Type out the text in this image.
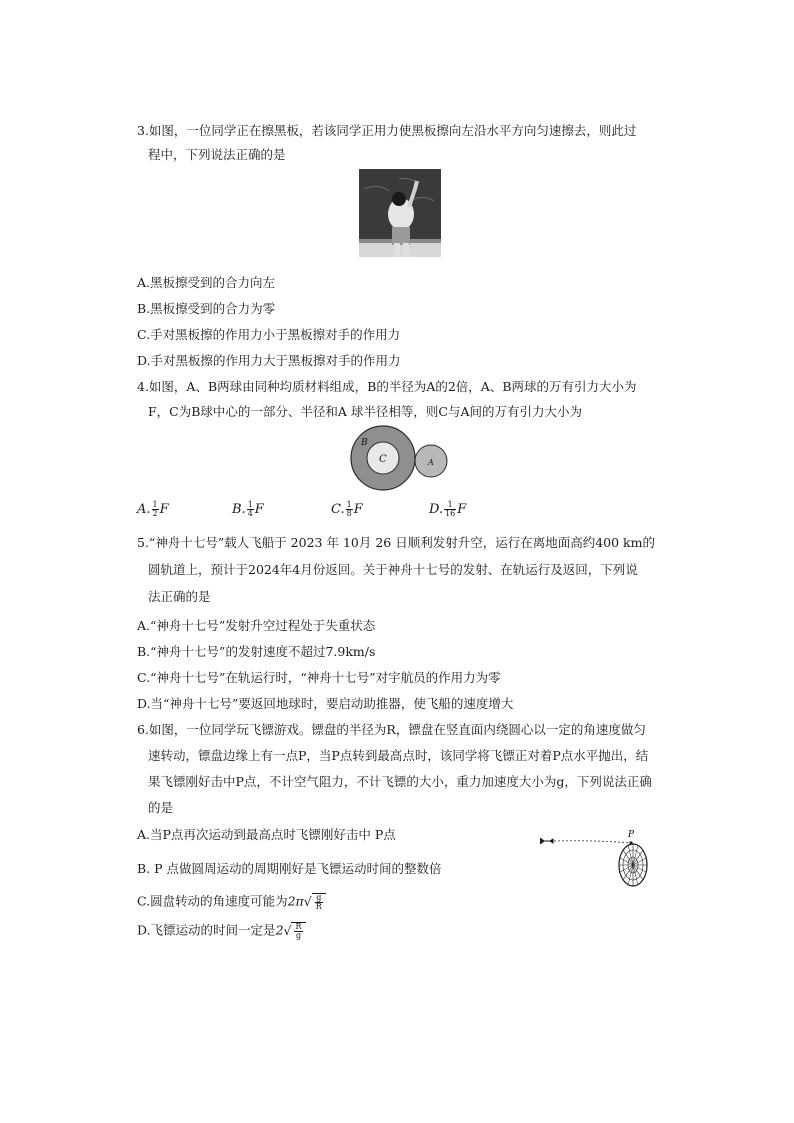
3.如图，一位同学正在擦黑板，若该同学正用力使黑板擦向左沿水平方向匀速擦去，则此过
程中，下列说法正确的是
A.黑板擦受到的合力向左
B.黑板擦受到的合力为零
C.手对黑板擦的作用力小于黑板擦对手的作用力
D.手对黑板擦的作用力大于黑板擦对手的作用力
4.如图，A、B两球由同种均质材料组成，B的半径为A的2倍，A、B两球的万有引力大小为
F，C为B球中心的一部分、半径和A 球半径相等，则C与A间的万有引力大小为
B
C	A
A. $\frac{1}{2}$ F	B. $\frac{1}{4}$ F	C. $\frac{1}{8}$ F	D. $\frac{1}{16}$ F
5.“神舟十七号”载人飞船于 2023 年 10月 26 日顺利发射升空，运行在离地面高约400 km的
圆轨道上，预计于2024年4月份返回。关于神舟十七号的发射、在轨运行及返回，下列说
法正确的是
A.“神舟十七号”发射升空过程处于失重状态
B.“神舟十七号”的发射速度不超过7.9km/s
C.“神舟十七号”在轨运行时，“神舟十七号”对宇航员的作用力为零
D.当“神舟十七号”要返回地球时，要启动助推器，使飞船的速度增大
6.如图，一位同学玩飞镖游戏。镖盘的半径为R，镖盘在竖直面内绕圆心以一定的角速度做匀
速转动，镖盘边缘上有一点P，当P点转到最高点时，该同学将飞镖正对着P点水平抛出，结
果飞镖刚好击中P点，不计空气阻力，不计飞镖的大小，重力加速度大小为g，下列说法正确
的是
A.当P点再次运动到最高点时飞镖刚好击中 P点
B. P 点做圆周运动的周期刚好是飞镖运动时间的整数倍
C.圆盘转动的角速度可能为$2\pi√ \frac{g}{R}$
D.飞镖运动的时间一定是$2√ \frac{R}{g}$
P
